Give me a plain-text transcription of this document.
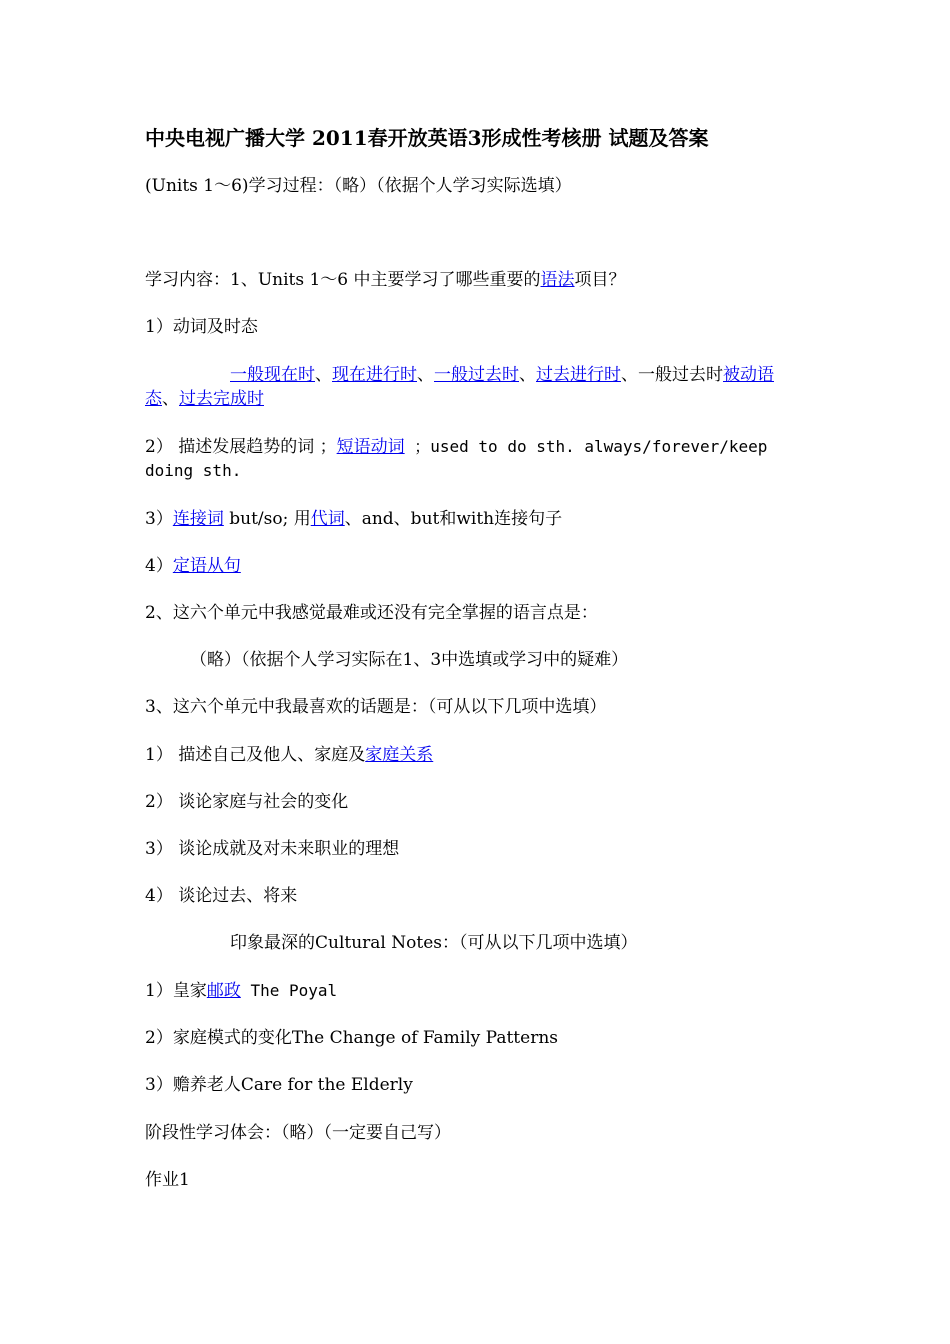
中央电视广播大学 2011春开放英语3形成性考核册 试题及答案
(Units 1～6)学习过程：（略）（依据个人学习实际选填）
学习内容：1、Units 1～6 中主要学习了哪些重要的语法项目？
1）动词及时态
一般现在时、现在进行时、一般过去时、过去进行时、一般过去时被动语态、过去完成时
2） 描述发展趋势的词 ；短语动词 ；used to do sth. always/forever/keep doing sth.
3）连接词 but/so; 用代词、and、but和with连接句子
4）定语从句
2、这六个单元中我感觉最难或还没有完全掌握的语言点是：
（略）（依据个人学习实际在1、3中选填或学习中的疑难）
3、这六个单元中我最喜欢的话题是：（可从以下几项中选填）
1） 描述自己及他人、家庭及家庭关系
2） 谈论家庭与社会的变化
3） 谈论成就及对未来职业的理想
4） 谈论过去、将来
印象最深的Cultural Notes：（可从以下几项中选填）
1）皇家邮政 The Poyal
2）家庭模式的变化The Change of Family Patterns
3）赡养老人Care for the Elderly
阶段性学习体会：（略）（一定要自己写）
作业1
